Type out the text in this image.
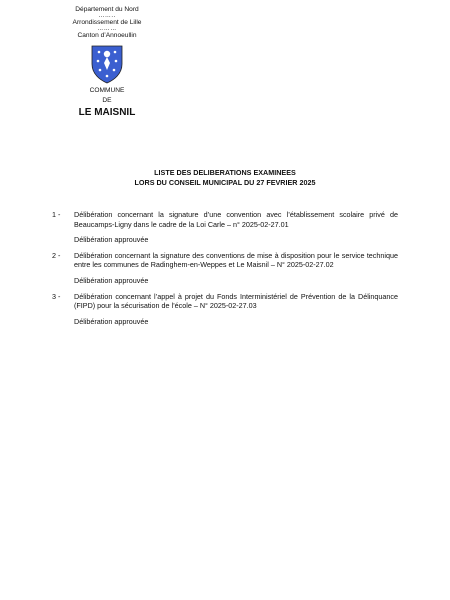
Département du Nord
……..
Arrondissement de Lille
………
Canton d’Annoeullin
COMMUNE
DE
LE MAISNIL
LISTE DES DELIBERATIONS EXAMINEES
LORS DU CONSEIL MUNICIPAL DU 27 FEVRIER 2025
1 - Délibération concernant la signature d’une convention avec l’établissement scolaire privé de Beaucamps-Ligny dans le cadre de la Loi Carle – n° 2025-02-27.01
Délibération approuvée
2 - Délibération concernant la signature des conventions de mise à disposition pour le service technique entre les communes de Radinghem-en-Weppes et Le Maisnil – N° 2025-02-27.02
Délibération approuvée
3 - Délibération concernant l’appel à projet du Fonds Interministériel de Prévention de la Délinquance (FIPD) pour la sécurisation de l’école – N° 2025-02-27.03
Délibération approuvée
